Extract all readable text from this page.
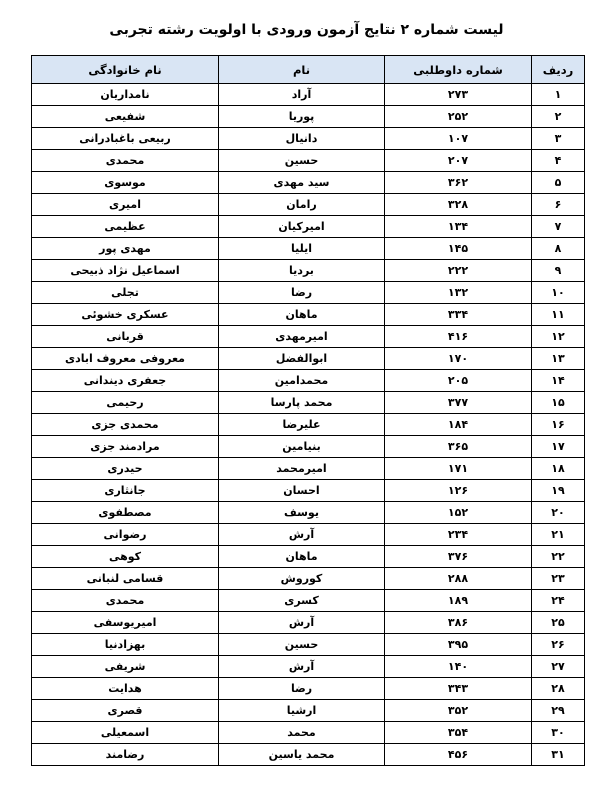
لیست شماره ۲ نتایج آزمون ورودی با اولویت رشته تجربی
ردیف	شماره داوطلبی	نام	نام خانوادگی
۱	۲۷۳	آراد	نامداریان
۲	۲۵۲	پوریا	شفیعی
۳	۱۰۷	دانیال	ربیعی باغبادرانی
۴	۲۰۷	حسین	محمدی
۵	۳۶۲	سید مهدی	موسوی
۶	۳۲۸	رامان	امیری
۷	۱۳۴	امیرکیان	عظیمی
۸	۱۴۵	ایلیا	مهدی پور
۹	۲۲۲	بردیا	اسماعیل نژاد ذبیحی
۱۰	۱۳۲	رضا	تجلی
۱۱	۳۳۴	ماهان	عسکری خشوئی
۱۲	۴۱۶	امیرمهدی	قربانی
۱۳	۱۷۰	ابوالفضل	معروفی معروف ابادی
۱۴	۲۰۵	محمدامین	جعفری دیندانی
۱۵	۳۷۷	محمد پارسا	رحیمی
۱۶	۱۸۴	علیرضا	محمدی جزی
۱۷	۳۶۵	بنیامین	مرادمند جزی
۱۸	۱۷۱	امیرمحمد	حیدری
۱۹	۱۲۶	احسان	جانثاری
۲۰	۱۵۲	یوسف	مصطفوی
۲۱	۲۳۴	آرش	رضوانی
۲۲	۳۷۶	ماهان	کوهی
۲۳	۲۸۸	کوروش	قسامی لنبانی
۲۴	۱۸۹	کسری	محمدی
۲۵	۳۸۶	آرش	امیریوسفی
۲۶	۳۹۵	حسین	بهزادنیا
۲۷	۱۴۰	آرش	شریفی
۲۸	۳۴۳	رضا	هدایت
۲۹	۳۵۲	ارشیا	قصری
۳۰	۳۵۴	محمد	اسمعیلی
۳۱	۴۵۶	محمد یاسین	رضامند
